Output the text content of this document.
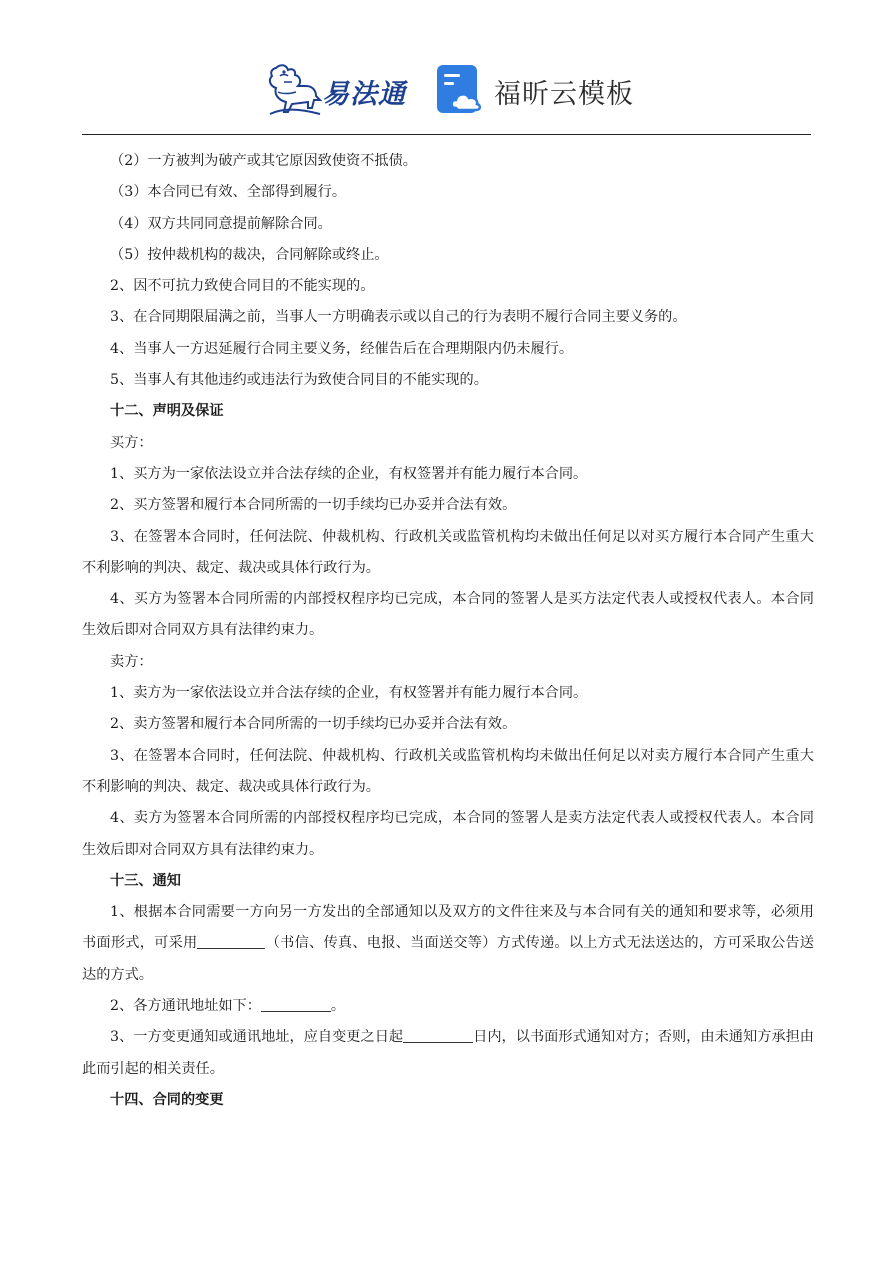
易法通	福昕云模板

（2）一方被判为破产或其它原因致使资不抵债。

（3）本合同已有效、全部得到履行。

（4）双方共同同意提前解除合同。

（5）按仲裁机构的裁决，合同解除或终止。

2、因不可抗力致使合同目的不能实现的。

3、在合同期限届满之前，当事人一方明确表示或以自己的行为表明不履行合同主要义务的。

4、当事人一方迟延履行合同主要义务，经催告后在合理期限内仍未履行。

5、当事人有其他违约或违法行为致使合同目的不能实现的。

十二、声明及保证

买方：

1、买方为一家依法设立并合法存续的企业，有权签署并有能力履行本合同。

2、买方签署和履行本合同所需的一切手续均已办妥并合法有效。

3、在签署本合同时，任何法院、仲裁机构、行政机关或监管机构均未做出任何足以对买方履行本合同产生重大不利影响的判决、裁定、裁决或具体行政行为。

4、买方为签署本合同所需的内部授权程序均已完成，本合同的签署人是买方法定代表人或授权代表人。本合同生效后即对合同双方具有法律约束力。

卖方：

1、卖方为一家依法设立并合法存续的企业，有权签署并有能力履行本合同。

2、卖方签署和履行本合同所需的一切手续均已办妥并合法有效。

3、在签署本合同时，任何法院、仲裁机构、行政机关或监管机构均未做出任何足以对卖方履行本合同产生重大不利影响的判决、裁定、裁决或具体行政行为。

4、卖方为签署本合同所需的内部授权程序均已完成，本合同的签署人是卖方法定代表人或授权代表人。本合同生效后即对合同双方具有法律约束力。

十三、通知

1、根据本合同需要一方向另一方发出的全部通知以及双方的文件往来及与本合同有关的通知和要求等，必须用书面形式，可采用	（书信、传真、电报、当面送交等）方式传递。以上方式无法送达的，方可采取公告送达的方式。

2、各方通讯地址如下：	。

3、一方变更通知或通讯地址，应自变更之日起	日内，以书面形式通知对方；否则，由未通知方承担由此而引起的相关责任。

十四、合同的变更
